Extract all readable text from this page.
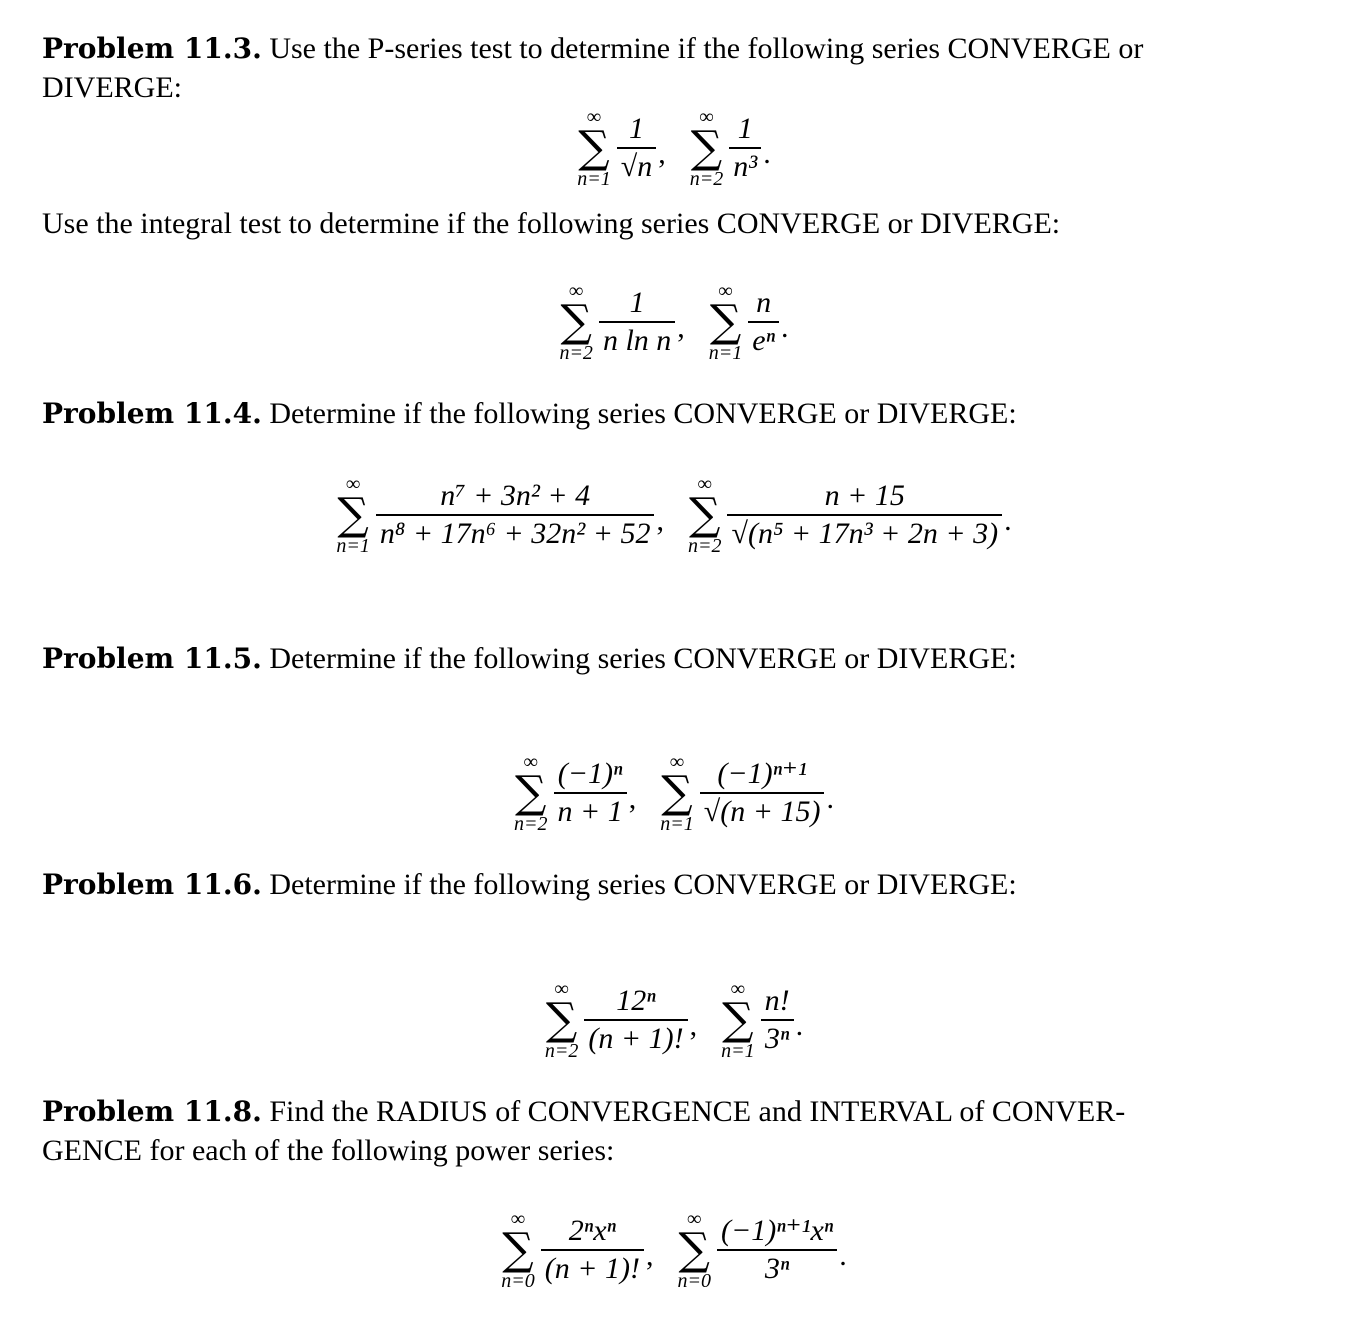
Problem 11.3. Use the P-series test to determine if the following series CONVERGE or
DIVERGE:
∞
∑
$n=1 \frac{1}{√n}$ ,
∞
∑
$n=2 \frac{1}{\text{n³}}$ .
Use the integral test to determine if the following series CONVERGE or DIVERGE:
∞
∑
$n=2 \frac{1}{\text{n ln n}}$ ,
∞
∑
$n=1 \frac{n}{\text{eⁿ}}$ .
Problem 11.4. Determine if the following series CONVERGE or DIVERGE:
∞
∑
$n=1 \frac{\text{n⁷ + 3n² + 4}}{\text{n⁸ + 17n⁶ + 32n² + 52}}$ ,
∞
∑
$n=2 \frac{n + 15}{\text{√(n⁵ + 17n³ + 2n + 3)}}$ .
Problem 11.5. Determine if the following series CONVERGE or DIVERGE:
∞
∑
$n=2 \frac{\text{(−1)ⁿ}}{n + 1}$ ,
∞
∑
$n=1 \frac{\text{(−1)ⁿ⁺¹}}{√(n + 15)}$ .
Problem 11.6. Determine if the following series CONVERGE or DIVERGE:
∞
∑
$n=2 \frac{\text{12ⁿ}}{(n + 1)!}$ ,
∞
∑
$n=1 \frac{n!}{\text{3ⁿ}}$ .
Problem 11.8. Find the RADIUS of CONVERGENCE and INTERVAL of CONVER-
GENCE for each of the following power series:
∞
∑
$n=0 \frac{\text{2ⁿxⁿ}}{(n + 1)!}$ ,
∞
∑
$n=0 \frac{\text{(−1)ⁿ⁺¹xⁿ}}{\text{3ⁿ}}$ .
